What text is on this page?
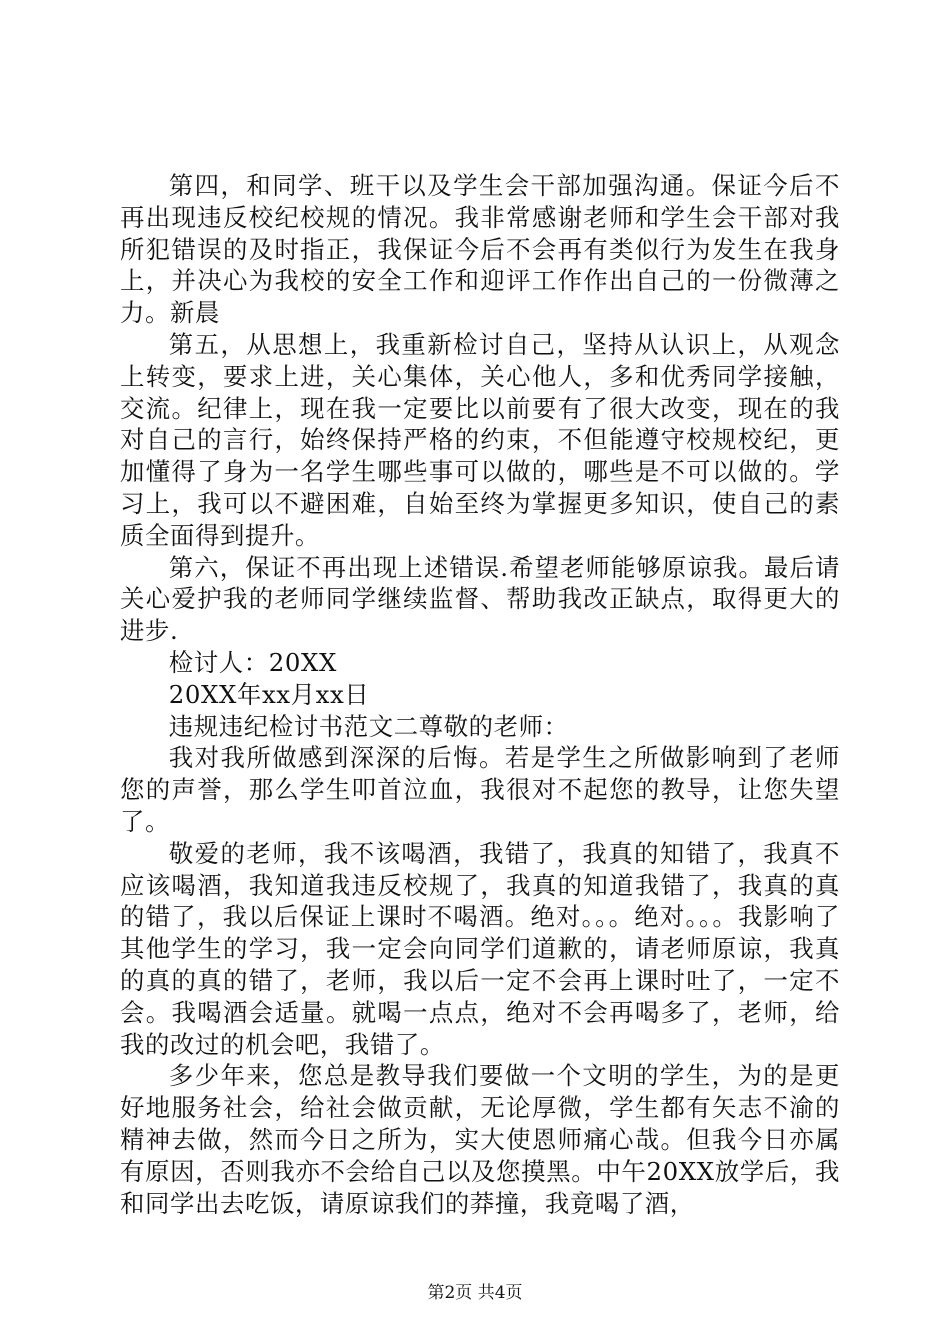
第四，和同学、班干以及学生会干部加强沟通。保证今后不再出现违反校纪校规的情况。我非常感谢老师和学生会干部对我所犯错误的及时指正，我保证今后不会再有类似行为发生在我身上，并决心为我校的安全工作和迎评工作作出自己的一份微薄之力。新晨

第五，从思想上，我重新检讨自己，坚持从认识上，从观念上转变，要求上进，关心集体，关心他人，多和优秀同学接触，交流。纪律上，现在我一定要比以前要有了很大改变，现在的我对自己的言行，始终保持严格的约束，不但能遵守校规校纪，更加懂得了身为一名学生哪些事可以做的，哪些是不可以做的。学习上，我可以不避困难，自始至终为掌握更多知识，使自己的素质全面得到提升。

第六，保证不再出现上述错误.希望老师能够原谅我。最后请关心爱护我的老师同学继续监督、帮助我改正缺点，取得更大的进步.

检讨人：20XX

20XX年xx月xx日

违规违纪检讨书范文二尊敬的老师：

我对我所做感到深深的后悔。若是学生之所做影响到了老师您的声誉，那么学生叩首泣血，我很对不起您的教导，让您失望了。

敬爱的老师，我不该喝酒，我错了，我真的知错了，我真不应该喝酒，我知道我违反校规了，我真的知道我错了，我真的真的错了，我以后保证上课时不喝酒。绝对。。。绝对。。。我影响了其他学生的学习，我一定会向同学们道歉的，请老师原谅，我真的真的真的错了，老师，我以后一定不会再上课时吐了，一定不会。我喝酒会适量。就喝一点点，绝对不会再喝多了，老师，给我的改过的机会吧，我错了。

多少年来，您总是教导我们要做一个文明的学生，为的是更好地服务社会，给社会做贡献，无论厚微，学生都有矢志不渝的精神去做，然而今日之所为，实大使恩师痛心哉。但我今日亦属有原因，否则我亦不会给自己以及您摸黑。中午20XX放学后，我和同学出去吃饭，请原谅我们的莽撞，我竟喝了酒，

第2页 共4页
